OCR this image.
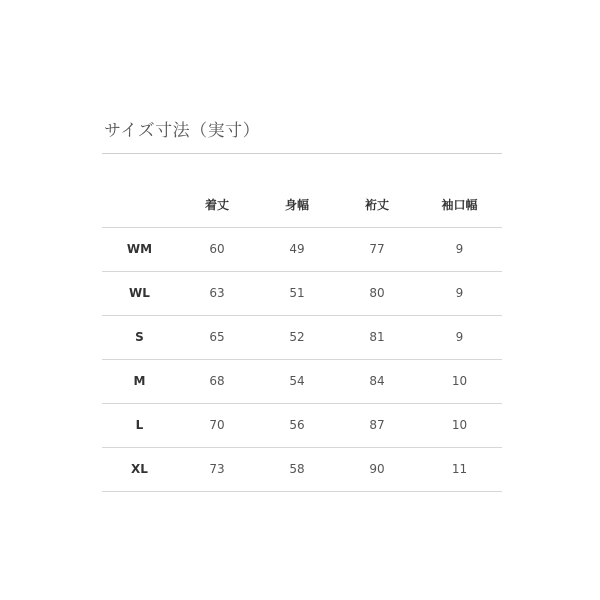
サイズ寸法（実寸）
	着丈	身幅	裄丈	袖口幅
WM	60	49	77	9
WL	63	51	80	9
S	65	52	81	9
M	68	54	84	10
L	70	56	87	10
XL	73	58	90	11
